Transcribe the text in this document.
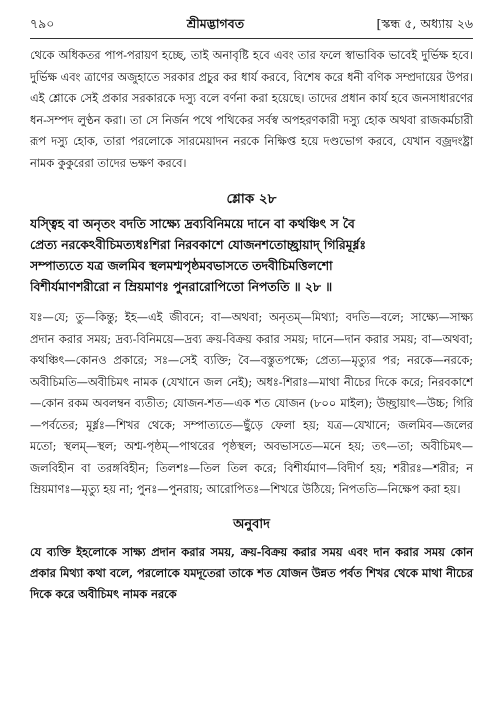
৭৯০	শ্রীমদ্ভাগবত	[স্কন্ধ ৫, অধ্যায় ২৬

থেকে অধিকতর পাপ-পরায়ণ হচ্ছে, তাই অনাবৃষ্টি হবে এবং তার ফলে স্বাভাবিক ভাবেই দুর্ভিক্ষ হবে। দুর্ভিক্ষ এবং ত্রাণের অজুহাতে সরকার প্রচুর কর ধার্য করবে, বিশেষ করে ধনী বণিক সম্প্রদায়ের উপর। এই শ্লোকে সেই প্রকার সরকারকে দস্যু বলে বর্ণনা করা হয়েছে। তাদের প্রধান কার্য হবে জনসাধারণের ধন-সম্পদ লুণ্ঠন করা। তা সে নির্জন পথে পথিকের সর্বস্ব অপহরণকারী দস্যু হোক অথবা রাজকর্মচারী রূপ দস্যু হোক, তারা পরলোকে সারমেয়াদন নরকে নিক্ষিপ্ত হয়ে দণ্ডভোগ করবে, যেখান বজ্রদংষ্ট্রা নামক কুকুরেরা তাদের ভক্ষণ করবে।

শ্লোক ২৮

যস্ত্বিহ বা অনৃতং বদতি সাক্ষ্যে দ্রব্যবিনিময়ে দানে বা কথঞ্চিৎ স বৈ
প্রেত্য নরকেঽবীচিমত্যধঃশিরা নিরবকাশে যোজনশতোচ্ছ্রায়াদ্ গিরিমূর্ধ্নঃ
সম্পাত্যতে যত্র জলমিব স্থলমশ্মপৃষ্ঠমবভাসতে তদবীচিমত্তিলশো
বিশীর্যমাণশরীরো ন ম্রিয়মাণঃ পুনরারোপিতো নিপততি ॥ ২৮ ॥

যঃ—যে; তু—কিন্তু; ইহ—এই জীবনে; বা—অথবা; অনৃতম্—মিথ্যা; বদতি—বলে; সাক্ষ্যে—সাক্ষ্য প্রদান করার সময়; দ্রব্য-বিনিময়ে—দ্রব্য ক্রয়-বিক্রয় করার সময়; দানে—দান করার সময়; বা—অথবা; কথঞ্চিৎ—কোনও প্রকারে; সঃ—সেই ব্যক্তি; বৈ—বস্তুতপক্ষে; প্রেত্য—মৃত্যুর পর; নরকে—নরকে; অবীচিমতি—অবীচিমৎ নামক (যেখানে জল নেই); অধঃ-শিরাঃ—মাথা নীচের দিকে করে; নিরবকাশে—কোন রকম অবলম্বন ব্যতীত; যোজন-শত—এক শত যোজন (৮০০ মাইল); উচ্ছ্রায়াৎ—উচ্চ; গিরি—পর্বতের; মূর্ধ্নঃ—শিখর থেকে; সম্পাত্যতে—ছুঁড়ে ফেলা হয়; যত্র—যেখানে; জলমিব—জলের মতো; স্থলম্—স্থল; অশ্ম-পৃষ্ঠম্—পাথরের পৃষ্ঠস্থল; অবভাসতে—মনে হয়; তৎ—তা; অবীচিমৎ—জলবিহীন বা তরঙ্গবিহীন; তিলশঃ—তিল তিল করে; বিশীর্যমাণ—বিদীর্ণ হয়; শরীরঃ—শরীর; ন ম্রিয়মাণঃ—মৃত্যু হয় না; পুনঃ—পুনরায়; আরোপিতঃ—শিখরে উঠিয়ে; নিপততি—নিক্ষেপ করা হয়।

অনুবাদ

যে ব্যক্তি ইহলোকে সাক্ষ্য প্রদান করার সময়, ক্রয়-বিক্রয় করার সময় এবং দান করার সময় কোন প্রকার মিথ্যা কথা বলে, পরলোকে যমদূতেরা তাকে শত যোজন উন্নত পর্বত শিখর থেকে মাথা নীচের দিকে করে অবীচিমৎ নামক নরকে
